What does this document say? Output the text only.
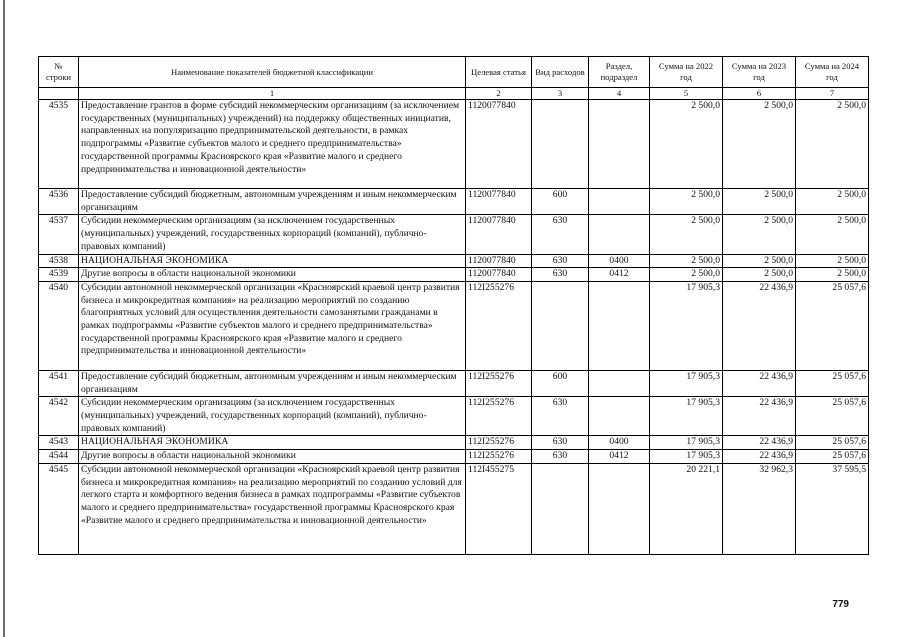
№ строки	Наименование показателей бюджетной классификации	Целевая статья	Вид расходов	Раздел, подраздел	Сумма на 2022 год	Сумма на 2023 год	Сумма на 2024 год
	1	2	3	4	5	6	7
4535	Предоставление грантов в форме субсидий некоммерческим организациям (за исключением государственных (муниципальных) учреждений) на поддержку общественных инициатив, направленных на популяризацию предпринимательской деятельности, в рамках подпрограммы «Развитие субъектов малого и среднего предпринимательства» государственной программы Красноярского края «Развитие малого и среднего предпринимательства и инновационной деятельности»	1120077840			2 500,0	2 500,0	2 500,0
4536	Предоставление субсидий бюджетным, автономным учреждениям и иным некоммерческим организациям	1120077840	600		2 500,0	2 500,0	2 500,0
4537	Субсидии некоммерческим организациям (за исключением государственных (муниципальных) учреждений, государственных корпораций (компаний), публично-правовых компаний)	1120077840	630		2 500,0	2 500,0	2 500,0
4538	НАЦИОНАЛЬНАЯ ЭКОНОМИКА	1120077840	630	0400	2 500,0	2 500,0	2 500,0
4539	Другие вопросы в области национальной экономики	1120077840	630	0412	2 500,0	2 500,0	2 500,0
4540	Субсидии автономной некоммерческой организации «Красноярский краевой центр развития бизнеса и микрокредитная компания» на реализацию мероприятий по созданию благоприятных условий для осуществления деятельности самозанятыми гражданами в рамках подпрограммы «Развитие субъектов малого и среднего предпринимательства» государственной программы Красноярского края «Развитие малого и среднего предпринимательства и инновационной деятельности»	112I255276			17 905,3	22 436,9	25 057,6
4541	Предоставление субсидий бюджетным, автономным учреждениям и иным некоммерческим организациям	112I255276	600		17 905,3	22 436,9	25 057,6
4542	Субсидии некоммерческим организациям (за исключением государственных (муниципальных) учреждений, государственных корпораций (компаний), публично-правовых компаний)	112I255276	630		17 905,3	22 436,9	25 057,6
4543	НАЦИОНАЛЬНАЯ ЭКОНОМИКА	112I255276	630	0400	17 905,3	22 436,9	25 057,6
4544	Другие вопросы в области национальной экономики	112I255276	630	0412	17 905,3	22 436,9	25 057,6
4545	Субсидии автономной некоммерческой организации «Красноярский краевой центр развития бизнеса и микрокредитная компания» на реализацию мероприятий по созданию условий для легкого старта и комфортного ведения бизнеса в рамках подпрограммы «Развитие субъектов малого и среднего предпринимательства» государственной программы Красноярского края «Развитие малого и среднего предпринимательства и инновационной деятельности»	112I455275			20 221,1	32 962,3	37 595,5
779
